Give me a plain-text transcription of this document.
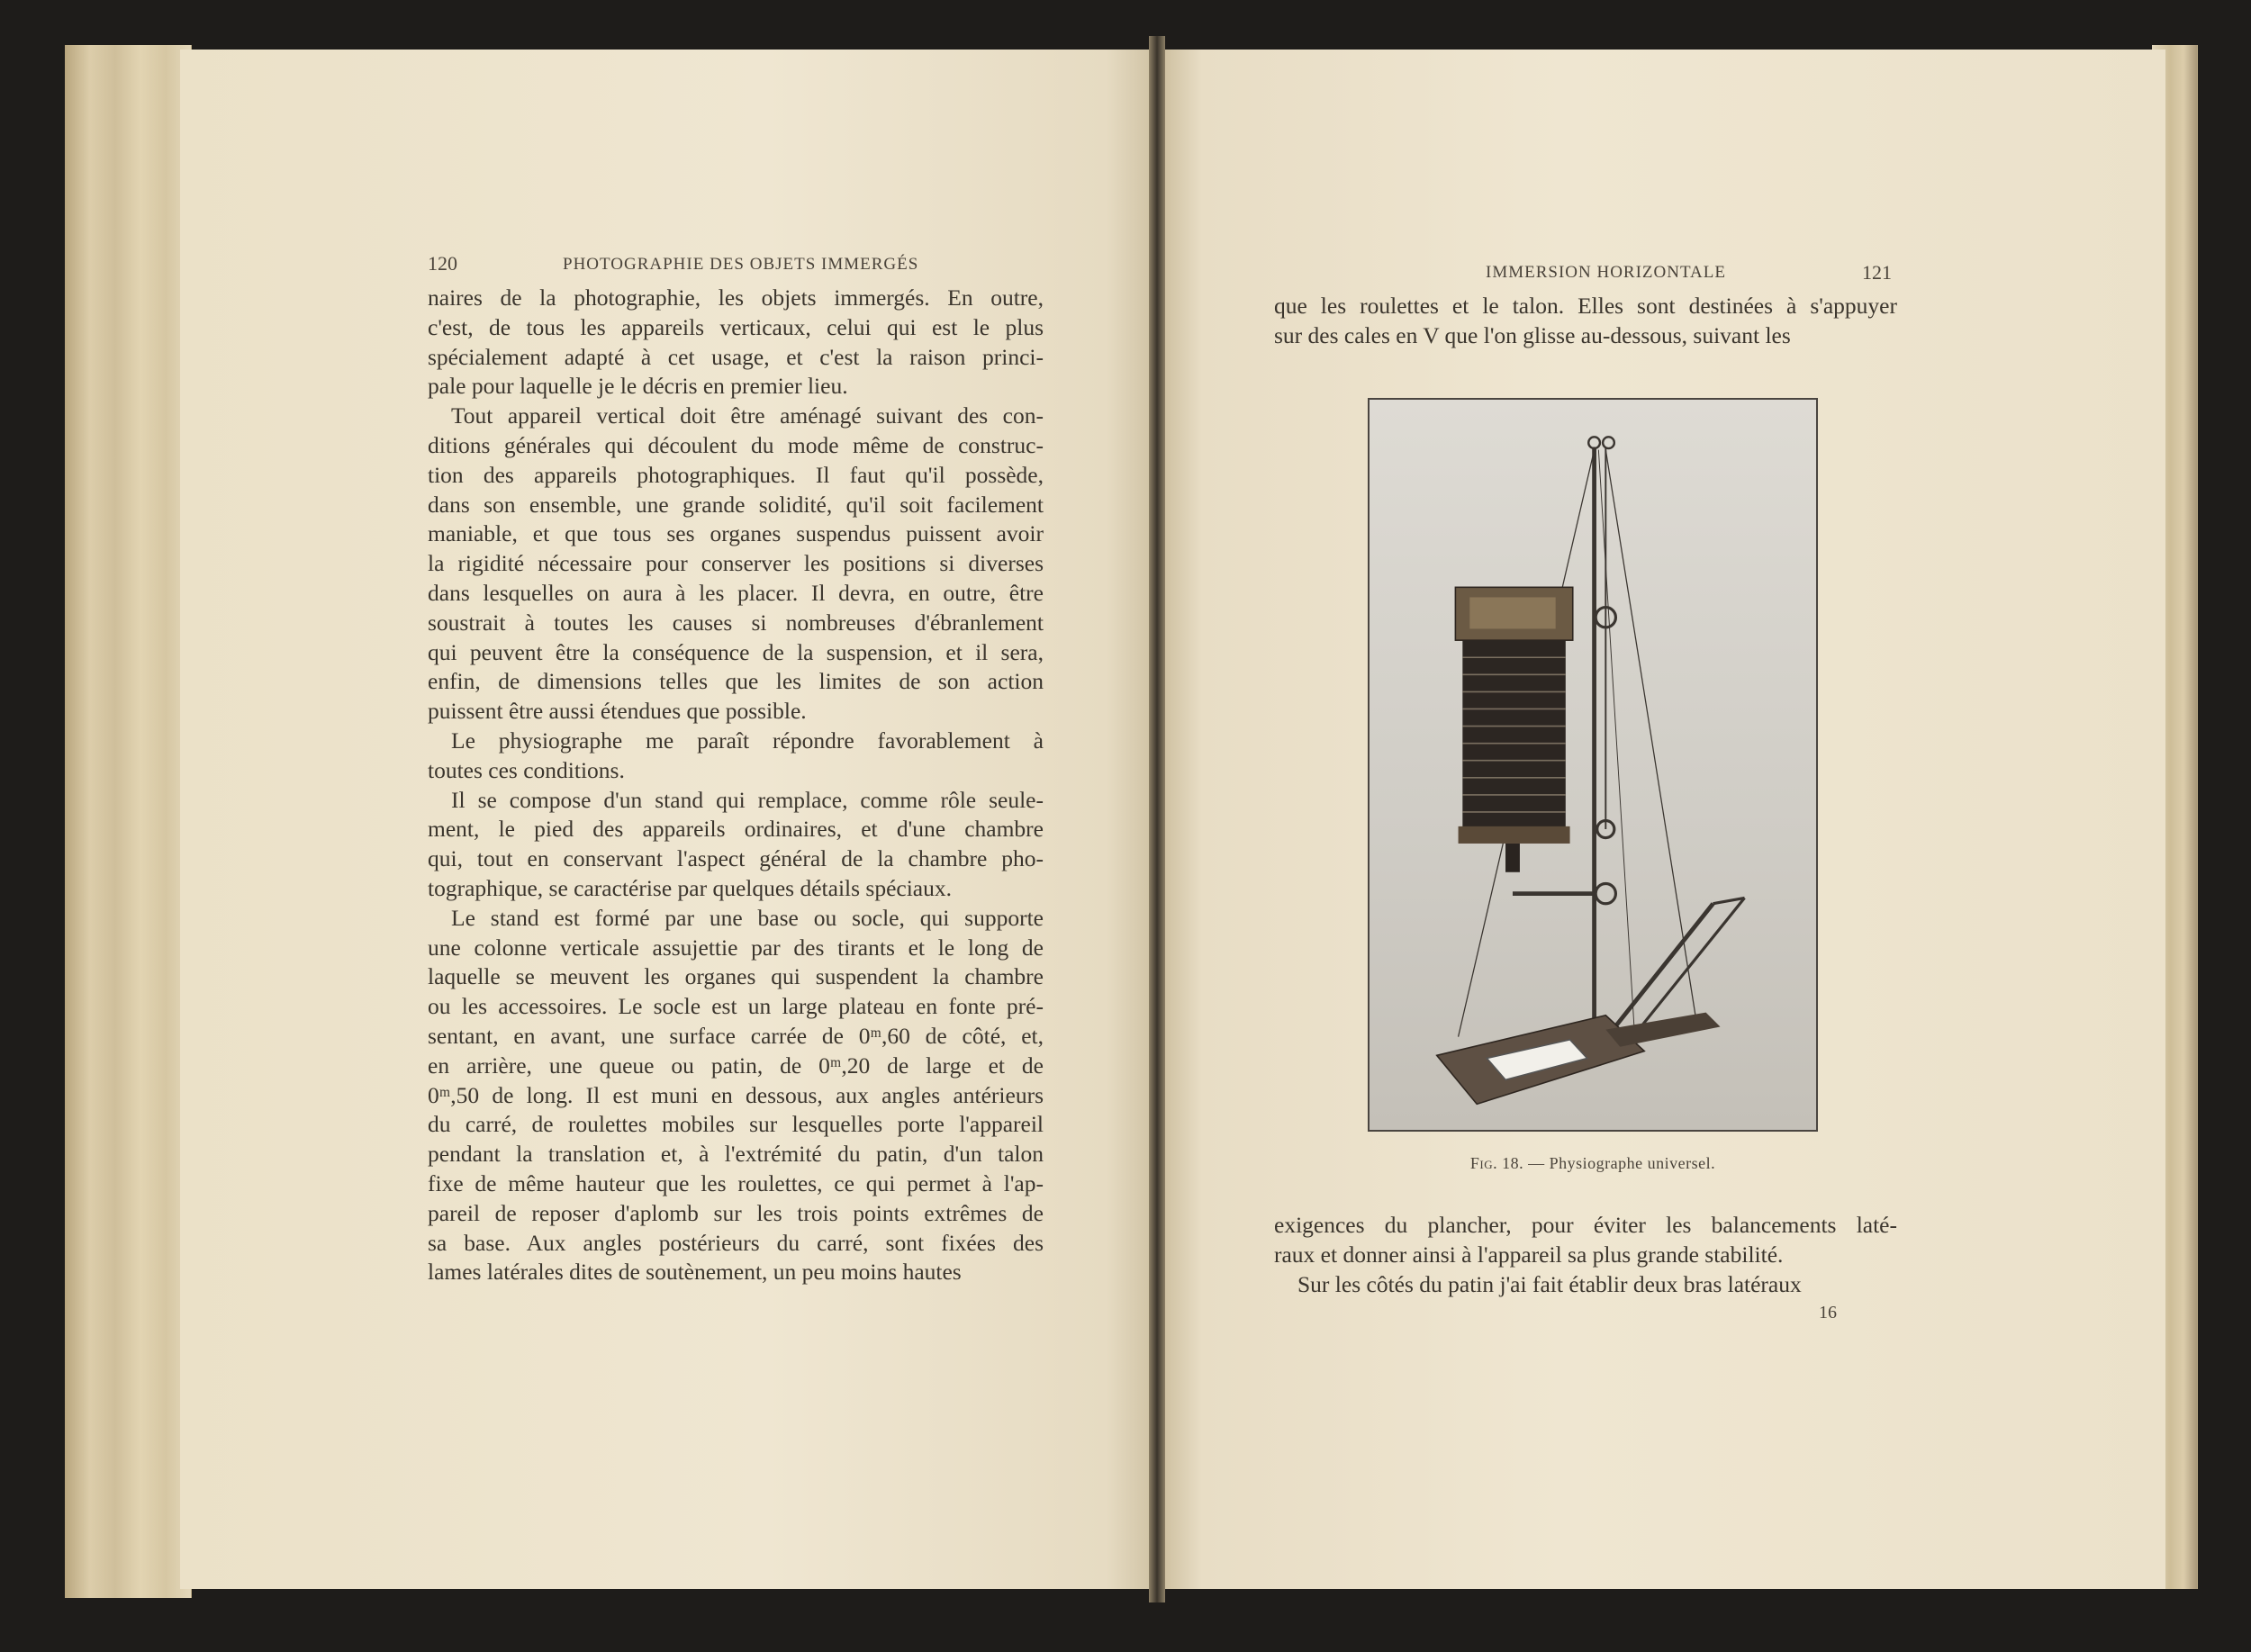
120	PHOTOGRAPHIE DES OBJETS IMMERGÉS
naires de la photographie, les objets immergés. En outre,
c'est, de tous les appareils verticaux, celui qui est le plus
spécialement adapté à cet usage, et c'est la raison princi-
pale pour laquelle je le décris en premier lieu.
Tout appareil vertical doit être aménagé suivant des con-
ditions générales qui découlent du mode même de construc-
tion des appareils photographiques. Il faut qu'il possède,
dans son ensemble, une grande solidité, qu'il soit facilement
maniable, et que tous ses organes suspendus puissent avoir
la rigidité nécessaire pour conserver les positions si diverses
dans lesquelles on aura à les placer. Il devra, en outre, être
soustrait à toutes les causes si nombreuses d'ébranlement
qui peuvent être la conséquence de la suspension, et il sera,
enfin, de dimensions telles que les limites de son action
puissent être aussi étendues que possible.
Le physiographe me paraît répondre favorablement à
toutes ces conditions.
Il se compose d'un stand qui remplace, comme rôle seule-
ment, le pied des appareils ordinaires, et d'une chambre
qui, tout en conservant l'aspect général de la chambre pho-
tographique, se caractérise par quelques détails spéciaux.
Le stand est formé par une base ou socle, qui supporte
une colonne verticale assujettie par des tirants et le long de
laquelle se meuvent les organes qui suspendent la chambre
ou les accessoires. Le socle est un large plateau en fonte pré-
sentant, en avant, une surface carrée de 0ᵐ,60 de côté, et,
en arrière, une queue ou patin, de 0ᵐ,20 de large et de
0ᵐ,50 de long. Il est muni en dessous, aux angles antérieurs
du carré, de roulettes mobiles sur lesquelles porte l'appareil
pendant la translation et, à l'extrémité du patin, d'un talon
fixe de même hauteur que les roulettes, ce qui permet à l'ap-
pareil de reposer d'aplomb sur les trois points extrêmes de
sa base. Aux angles postérieurs du carré, sont fixées des
lames latérales dites de soutènement, un peu moins hautes
IMMERSION HORIZONTALE	121
que les roulettes et le talon. Elles sont destinées à s'appuyer
sur des cales en V que l'on glisse au-dessous, suivant les
Fig. 18. — Physiographe universel.
exigences du plancher, pour éviter les balancements laté-
raux et donner ainsi à l'appareil sa plus grande stabilité.
Sur les côtés du patin j'ai fait établir deux bras latéraux
16
